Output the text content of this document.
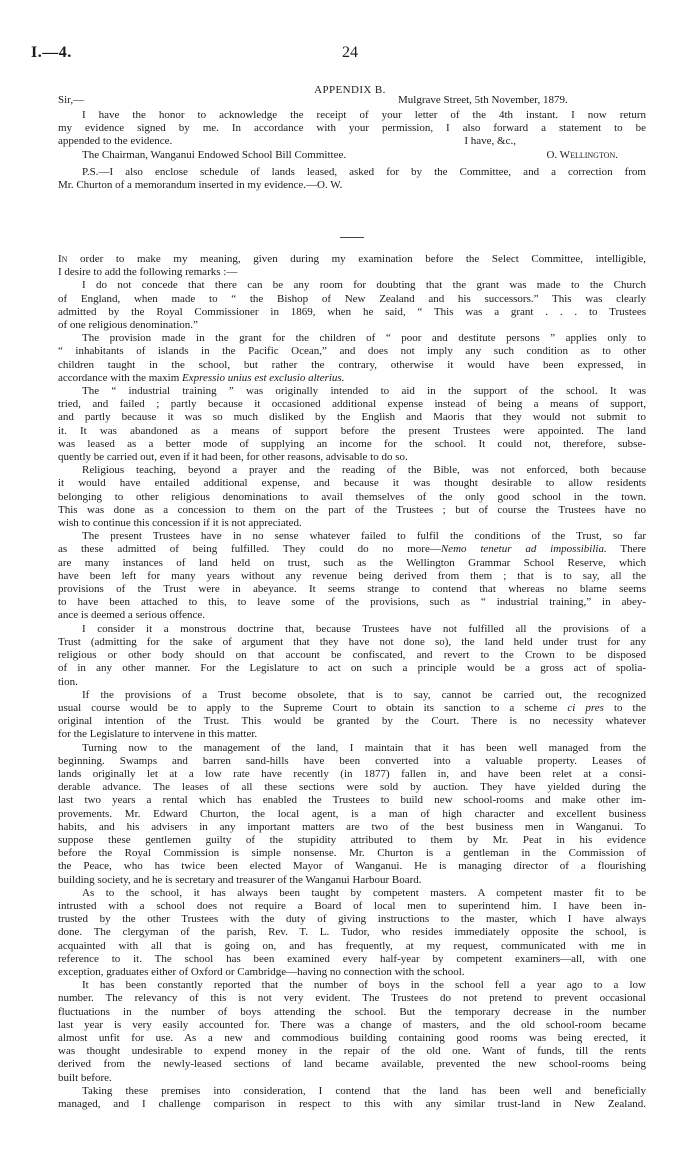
I.—4.	24
APPENDIX B.
Sir,—	Mulgrave Street, 5th November, 1879.
I have the honor to acknowledge the receipt of your letter of the 4th instant. I now return
my evidence signed by me. In accordance with your permission, I also forward a statement to be
appended to the evidence.	I have, &c.,
The Chairman, Wanganui Endowed School Bill Committee.	O. Wellington.
P.S.—I also enclose schedule of lands leased, asked for by the Committee, and a correction from
Mr. Churton of a memorandum inserted in my evidence.—O. W.
In order to make my meaning, given during my examination before the Select Committee, intelligible,
I desire to add the following remarks :—
I do not concede that there can be any room for doubting that the grant was made to the Church
of England, when made to “ the Bishop of New Zealand and his successors.” This was clearly
admitted by the Royal Commissioner in 1869, when he said, “ This was a grant . . . to Trustees
of one religious denomination.”
The provision made in the grant for the children of “ poor and destitute persons ” applies only to
“ inhabitants of islands in the Pacific Ocean,” and does not imply any such condition as to other
children taught in the school, but rather the contrary, otherwise it would have been expressed, in
accordance with the maxim Expressio unius est exclusio alterius.
The “ industrial training ” was originally intended to aid in the support of the school. It was
tried, and failed ; partly because it occasioned additional expense instead of being a means of support,
and partly because it was so much disliked by the English and Maoris that they would not submit to
it. It was abandoned as a means of support before the present Trustees were appointed. The land
was leased as a better mode of supplying an income for the school. It could not, therefore, subse-
quently be carried out, even if it had been, for other reasons, advisable to do so.
Religious teaching, beyond a prayer and the reading of the Bible, was not enforced, both because
it would have entailed additional expense, and because it was thought desirable to allow residents
belonging to other religious denominations to avail themselves of the only good school in the town.
This was done as a concession to them on the part of the Trustees ; but of course the Trustees have no
wish to continue this concession if it is not appreciated.
The present Trustees have in no sense whatever failed to fulfil the conditions of the Trust, so far
as these admitted of being fulfilled. They could do no more—Nemo tenetur ad impossibilia. There
are many instances of land held on trust, such as the Wellington Grammar School Reserve, which
have been left for many years without any revenue being derived from them ; that is to say, all the
provisions of the Trust were in abeyance. It seems strange to contend that whereas no blame seems
to have been attached to this, to leave some of the provisions, such as “ industrial training,” in abey-
ance is deemed a serious offence.
I consider it a monstrous doctrine that, because Trustees have not fulfilled all the provisions of a
Trust (admitting for the sake of argument that they have not done so), the land held under trust for any
religious or other body should on that account be confiscated, and revert to the Crown to be disposed
of in any other manner. For the Legislature to act on such a principle would be a gross act of spolia-
tion.
If the provisions of a Trust become obsolete, that is to say, cannot be carried out, the recognized
usual course would be to apply to the Supreme Court to obtain its sanction to a scheme ci pres to the
original intention of the Trust. This would be granted by the Court. There is no necessity whatever
for the Legislature to intervene in this matter.
Turning now to the management of the land, I maintain that it has been well managed from the
beginning. Swamps and barren sand-hills have been converted into a valuable property. Leases of
lands originally let at a low rate have recently (in 1877) fallen in, and have been relet at a consi-
derable advance. The leases of all these sections were sold by auction. They have yielded during the
last two years a rental which has enabled the Trustees to build new school-rooms and make other im-
provements. Mr. Edward Churton, the local agent, is a man of high character and excellent business
habits, and his advisers in any important matters are two of the best business men in Wanganui. To
suppose these gentlemen guilty of the stupidity attributed to them by Mr. Peat in his evidence
before the Royal Commission is simple nonsense. Mr. Churton is a gentleman in the Commission of
the Peace, who has twice been elected Mayor of Wanganui. He is managing director of a flourishing
building society, and he is secretary and treasurer of the Wanganui Harbour Board.
As to the school, it has always been taught by competent masters. A competent master fit to be
intrusted with a school does not require a Board of local men to superintend him. I have been in-
trusted by the other Trustees with the duty of giving instructions to the master, which I have always
done. The clergyman of the parish, Rev. T. L. Tudor, who resides immediately opposite the school, is
acquainted with all that is going on, and has frequently, at my request, communicated with me in
reference to it. The school has been examined every half-year by competent examiners—all, with one
exception, graduates either of Oxford or Cambridge—having no connection with the school.
It has been constantly reported that the number of boys in the school fell a year ago to a low
number. The relevancy of this is not very evident. The Trustees do not pretend to prevent occasional
fluctuations in the number of boys attending the school. But the temporary decrease in the number
last year is very easily accounted for. There was a change of masters, and the old school-room became
almost unfit for use. As a new and commodious building containing good rooms was being erected, it
was thought undesirable to expend money in the repair of the old one. Want of funds, till the rents
derived from the newly-leased sections of land became available, prevented the new school-rooms being
built before.
Taking these premises into consideration, I contend that the land has been well and beneficially
managed, and I challenge comparison in respect to this with any similar trust-land in New Zealand.
